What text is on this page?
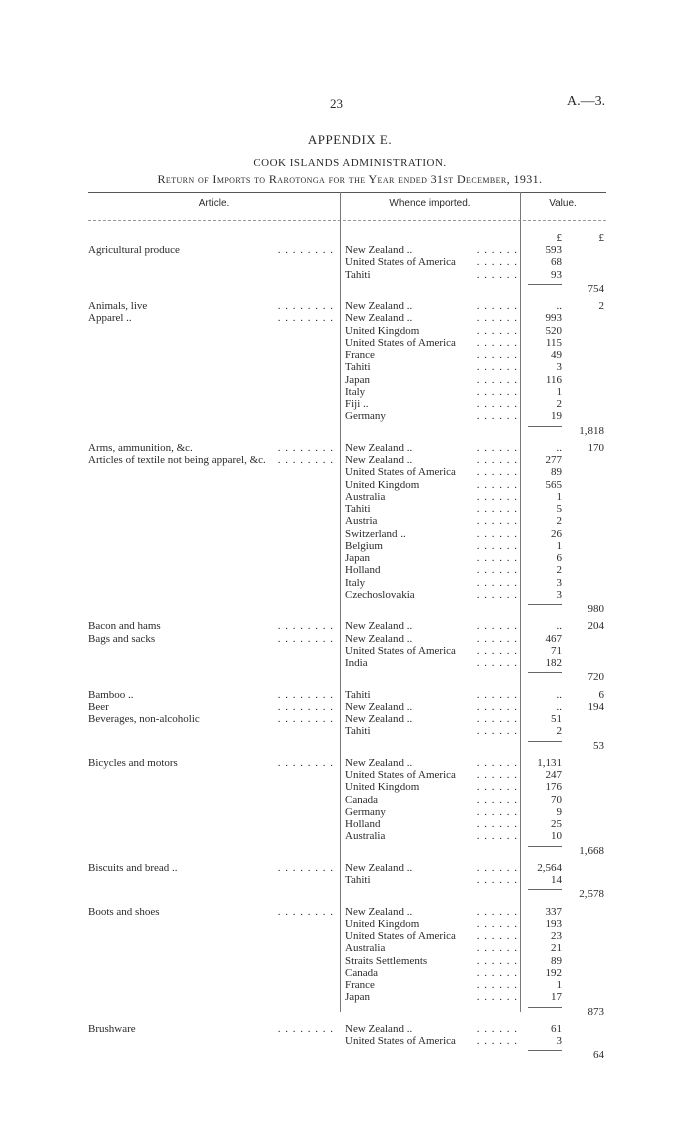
23	A.—3.
APPENDIX E.
COOK ISLANDS ADMINISTRATION.
Return of Imports to Rarotonga for the Year ended 31st December, 1931.
Article.	Whence imported.	Value.
£	£
Agricultural produce	. . . . . . . . New Zealand ..	. . . . . .	593
United States of America	. . . . . .	68
Tahiti	. . . . . .	93
754
Animals, live	. . . . . . . . New Zealand ..	. . . . . .	..	2
Apparel ..	. . . . . . . . New Zealand ..	. . . . . .	993
United Kingdom	. . . . . .	520
United States of America	. . . . . .	115
France	. . . . . .	49
Tahiti	. . . . . .	3
Japan	. . . . . .	116
Italy	. . . . . .	1
Fiji ..	. . . . . .	2
Germany	. . . . . .	19
1,818
Arms, ammunition, &c.	. . . . . . . . New Zealand ..	. . . . . .	..	170
Articles of textile not being apparel, &c.	. . . . . . . . New Zealand ..	. . . . . .	277
United States of America	. . . . . .	89
United Kingdom	. . . . . .	565
Australia	. . . . . .	1
Tahiti	. . . . . .	5
Austria	. . . . . .	2
Switzerland ..	. . . . . .	26
Belgium	. . . . . .	1
Japan	. . . . . .	6
Holland	. . . . . .	2
Italy	. . . . . .	3
Czechoslovakia	. . . . . .	3
980
Bacon and hams	. . . . . . . . New Zealand ..	. . . . . .	..	204
Bags and sacks	. . . . . . . . New Zealand ..	. . . . . .	467
United States of America	. . . . . .	71
India	. . . . . .	182
720
Bamboo ..	. . . . . . . . Tahiti	. . . . . .	..	6
Beer	. . . . . . . . New Zealand ..	. . . . . .	..	194
Beverages, non-alcoholic	. . . . . . . . New Zealand ..	. . . . . .	51
Tahiti	. . . . . .	2
53
Bicycles and motors	. . . . . . . . New Zealand ..	. . . . . .	1,131
United States of America	. . . . . .	247
United Kingdom	. . . . . .	176
Canada	. . . . . .	70
Germany	. . . . . .	9
Holland	. . . . . .	25
Australia	. . . . . .	10
1,668
Biscuits and bread ..	. . . . . . . . New Zealand ..	. . . . . .	2,564
Tahiti	. . . . . .	14
2,578
Boots and shoes	. . . . . . . . New Zealand ..	. . . . . .	337
United Kingdom	. . . . . .	193
United States of America	. . . . . .	23
Australia	. . . . . .	21
Straits Settlements	. . . . . .	89
Canada	. . . . . .	192
France	. . . . . .	1
Japan	. . . . . .	17
873
Brushware	. . . . . . . . New Zealand ..	. . . . . .	61
United States of America	. . . . . .	3
64
